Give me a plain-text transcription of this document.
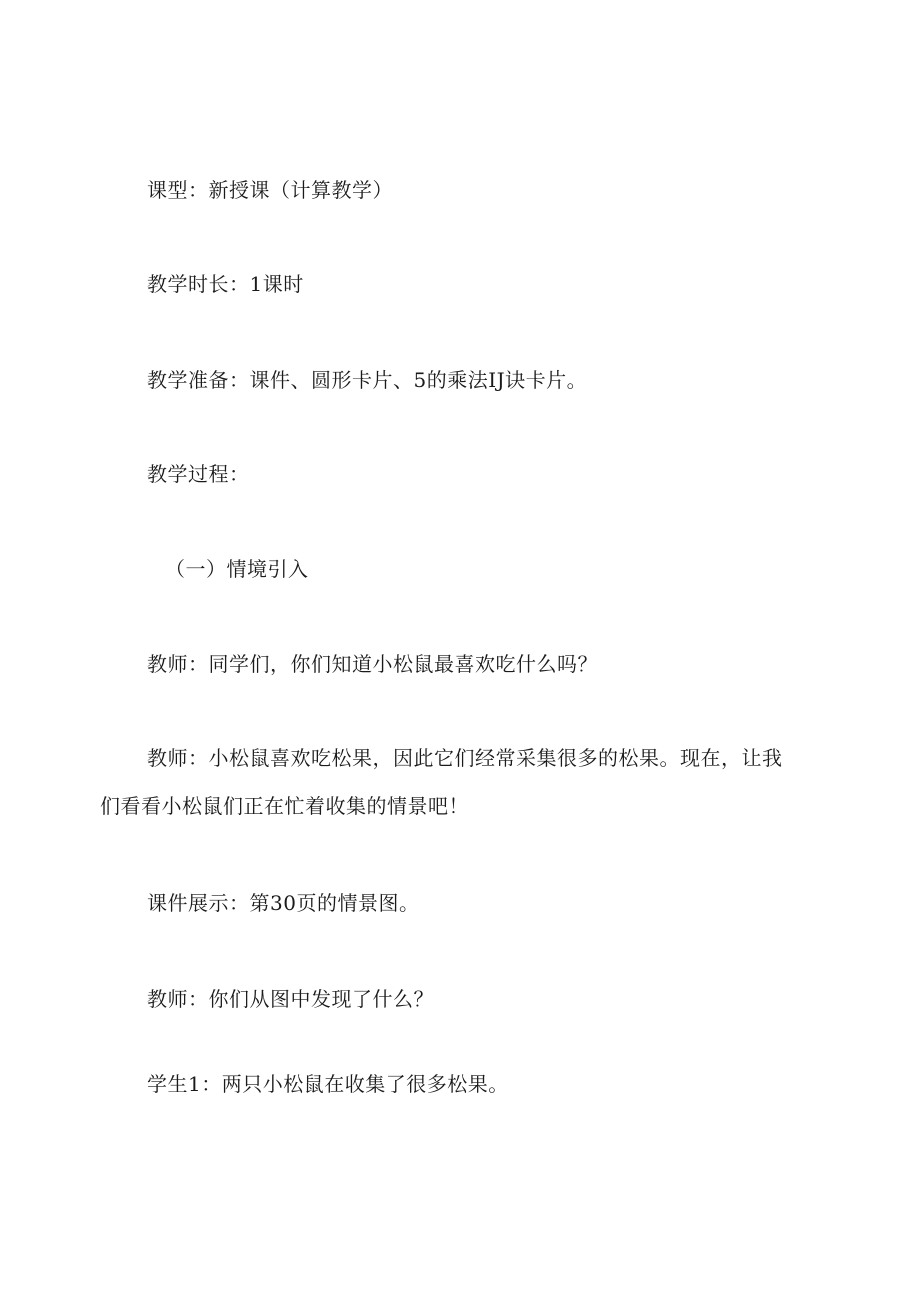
课型：新授课（计算教学）
教学时长：1课时
教学准备：课件、圆形卡片、5的乘法IJ诀卡片。
教学过程：
（一）情境引入
教师：同学们，你们知道小松鼠最喜欢吃什么吗？
教师：小松鼠喜欢吃松果，因此它们经常采集很多的松果。现在，让我
们看看小松鼠们正在忙着收集的情景吧！
课件展示：第30页的情景图。
教师：你们从图中发现了什么？
学生1：两只小松鼠在收集了很多松果。
